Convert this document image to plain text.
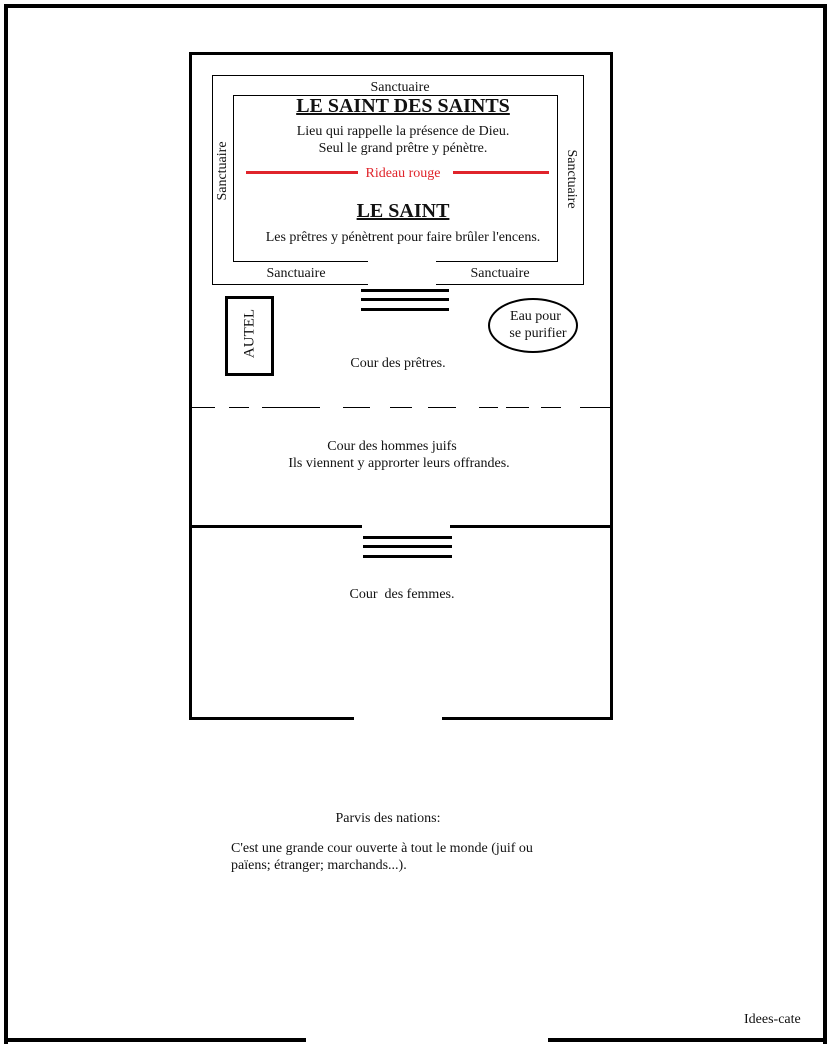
Sanctuaire
Sanctuaire	Sanctuaire
Sanctuaire	Sanctuaire
LE SAINT DES SAINTS
Lieu qui rappelle la présence de Dieu.
Seul le grand prêtre y pénètre.
Rideau rouge
LE SAINT
Les prêtres y pénètrent pour faire brûler l'encens.
AUTEL	Eau pour
se purifier
Cour des prêtres.
Cour des hommes juifs
Ils viennent y approrter leurs offrandes.
Cour  des femmes.
Parvis des nations:
C'est une grande cour ouverte à tout le monde (juif ou
païens; étranger; marchands...).
Idees-cate
